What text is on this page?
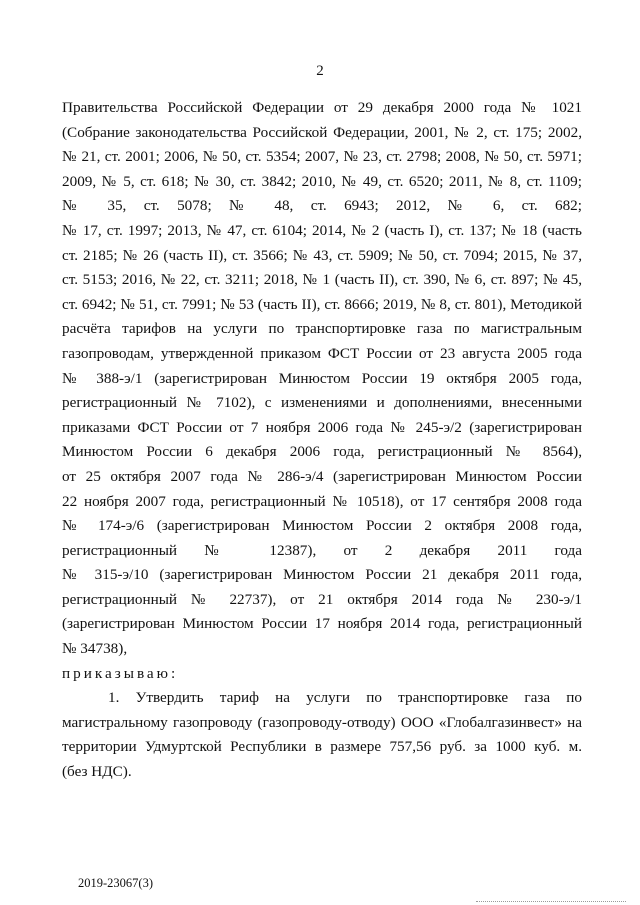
2
Правительства Российской Федерации от 29 декабря 2000 года № 1021
(Собрание законодательства Российской Федерации, 2001, № 2, ст. 175; 2002,
№ 21, ст. 2001; 2006, № 50, ст. 5354; 2007, № 23, ст. 2798; 2008, № 50, ст. 5971;
2009, № 5, ст. 618; № 30, ст. 3842; 2010, № 49, ст. 6520; 2011, № 8, ст. 1109;
№ 35, ст. 5078; № 48, ст. 6943; 2012, № 6, ст. 682;
№ 17, ст. 1997; 2013, № 47, ст. 6104; 2014, № 2 (часть I), ст. 137; № 18 (часть
ст. 2185; № 26 (часть II), ст. 3566; № 43, ст. 5909; № 50, ст. 7094; 2015, № 37,
ст. 5153; 2016, № 22, ст. 3211; 2018, № 1 (часть II), ст. 390, № 6, ст. 897; № 45,
ст. 6942; № 51, ст. 7991; № 53 (часть II), ст. 8666; 2019, № 8, ст. 801), Методикой
расчёта тарифов на услуги по транспортировке газа по магистральным
газопроводам, утвержденной приказом ФСТ России от 23 августа 2005 года
№ 388-э/1 (зарегистрирован Минюстом России 19 октября 2005 года,
регистрационный № 7102), с изменениями и дополнениями, внесенными
приказами ФСТ России от 7 ноября 2006 года № 245-э/2 (зарегистрирован
Минюстом России 6 декабря 2006 года, регистрационный № 8564),
от 25 октября 2007 года № 286-э/4 (зарегистрирован Минюстом России
22 ноября 2007 года, регистрационный № 10518), от 17 сентября 2008 года
№ 174-э/6 (зарегистрирован Минюстом России 2 октября 2008 года,
регистрационный № 12387), от 2 декабря 2011 года
№ 315-э/10 (зарегистрирован Минюстом России 21 декабря 2011 года,
регистрационный № 22737), от 21 октября 2014 года № 230-э/1
(зарегистрирован Минюстом России 17 ноября 2014 года, регистрационный
№ 34738),
приказываю:
1. Утвердить тариф на услуги по транспортировке газа по
магистральному газопроводу (газопроводу-отводу) ООО «Глобалгазинвест» на
территории Удмуртской Республики в размере 757,56 руб. за 1000 куб. м.
(без НДС).
2019-23067(3)
